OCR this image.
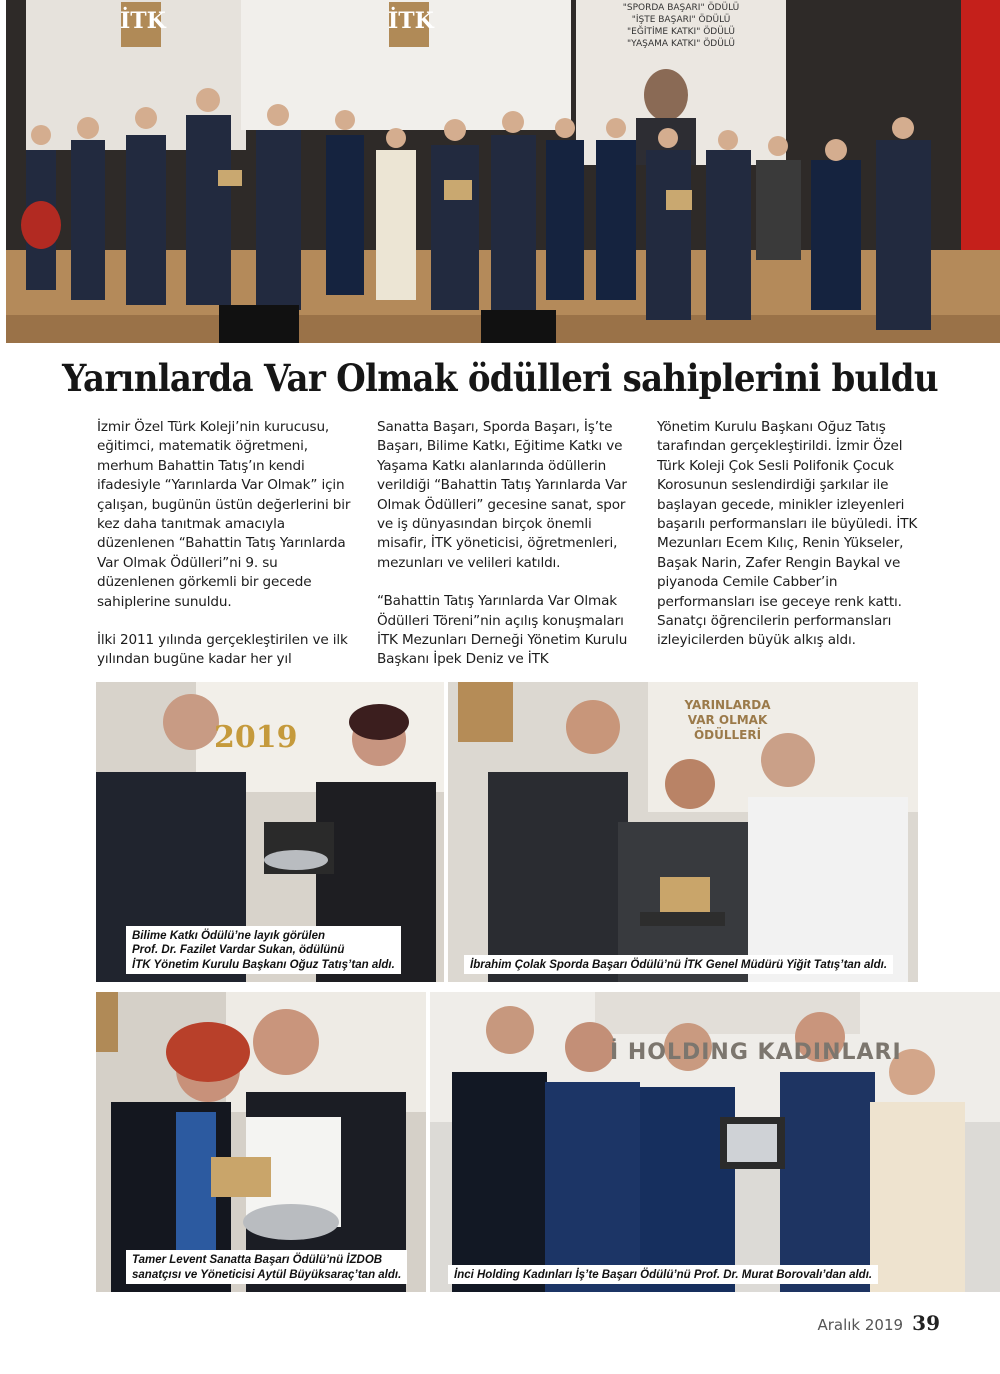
İTK	İTK	"SPORDA BAŞARI" ÖDÜLÜ
"İŞTE BAŞARI" ÖDÜLÜ
"EĞİTİME KATKI" ÖDÜLÜ
"YAŞAMA KATKI" ÖDÜLÜ
Yarınlarda Var Olmak ödülleri sahiplerini buldu

İzmir Özel Türk Koleji’nin kurucusu, eğitimci, matematik öğretmeni, merhum Bahattin Tatış’ın kendi ifadesiyle “Yarınlarda Var Olmak” için çalışan, bugünün üstün değerlerini bir kez daha tanıtmak amacıyla düzenlenen “Bahattin Tatış Yarınlarda Var Olmak Ödülleri”ni 9. su düzenlenen görkemli bir gecede sahiplerine sunuldu.

İlki 2011 yılında gerçekleştirilen ve ilk yılından bugüne kadar her yıl

Sanatta Başarı, Sporda Başarı, İş’te Başarı, Bilime Katkı, Eğitime Katkı ve Yaşama Katkı alanlarında ödüllerin verildiği “Bahattin Tatış Yarınlarda Var Olmak Ödülleri” gecesine sanat, spor ve iş dünyasından birçok önemli misafir, İTK yöneticisi, öğretmenleri, mezunları ve velileri katıldı.

“Bahattin Tatış Yarınlarda Var Olmak Ödülleri Töreni”nin açılış konuşmaları İTK Mezunları Derneği Yönetim Kurulu Başkanı İpek Deniz ve İTK

Yönetim Kurulu Başkanı Oğuz Tatış tarafından gerçekleştirildi. İzmir Özel Türk Koleji Çok Sesli Polifonik Çocuk Korosunun seslendirdiği şarkılar ile başlayan gecede, minikler izleyenleri başarılı performansları ile büyüledi. İTK Mezunları Ecem Kılıç, Renin Yükseler, Başak Narin, Zafer Rengin Baykal ve piyanoda Cemile Cabber’in performansları ise geceye renk kattı. Sanatçı öğrencilerin performansları izleyicilerden büyük alkış aldı.

2019
Bilime Katkı Ödülü’ne layık görülen
Prof. Dr. Fazilet Vardar Sukan, ödülünü
İTK Yönetim Kurulu Başkanı Oğuz Tatış’tan aldı.
YARINLARDA VAR OLMAK ÖDÜLLERİ
İbrahim Çolak Sporda Başarı Ödülü’nü İTK Genel Müdürü Yiğit Tatış’tan aldı.
Tamer Levent Sanatta Başarı Ödülü’nü İZDOB
sanatçısı ve Yöneticisi Aytül Büyüksaraç’tan aldı.
İ HOLDING KADINLARI
İnci Holding Kadınları İş’te Başarı Ödülü’nü Prof. Dr. Murat Borovalı’dan aldı.
Aralık 2019 39
